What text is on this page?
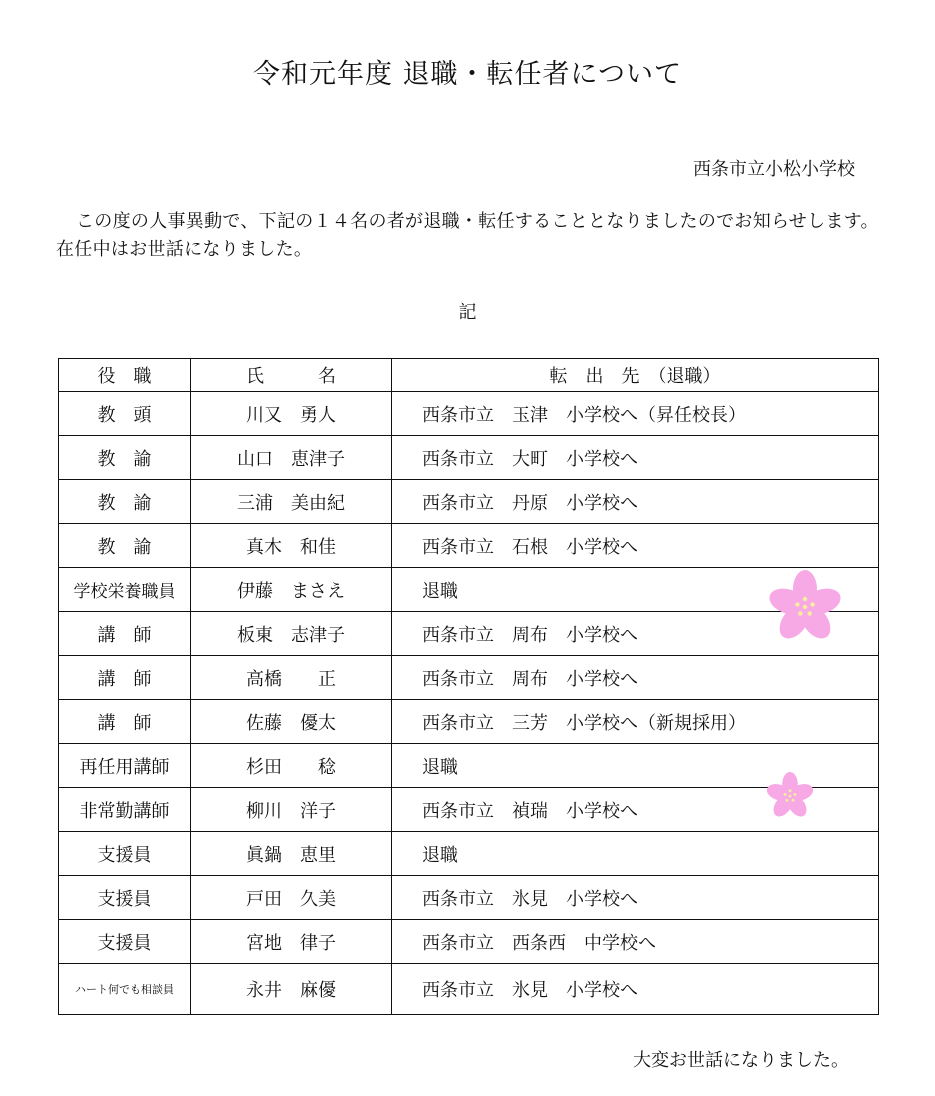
令和元年度 退職・転任者について
西条市立小松小学校
この度の人事異動で、下記の１４名の者が退職・転任することとなりましたのでお知らせします。在任中はお世話になりました。
記
役　職	氏　　　名	転　出　先　（退職）
教　頭	川又　勇人	西条市立　玉津　小学校へ（昇任校長）
教　諭	山口　恵津子	西条市立　大町　小学校へ
教　諭	三浦　美由紀	西条市立　丹原　小学校へ
教　諭	真木　和佳	西条市立　石根　小学校へ
学校栄養職員	伊藤　まさえ	退職
講　師	板東　志津子	西条市立　周布　小学校へ
講　師	高橋　　正	西条市立　周布　小学校へ
講　師	佐藤　優太	西条市立　三芳　小学校へ（新規採用）
再任用講師	杉田　　稔	退職
非常勤講師	柳川　洋子	西条市立　禎瑞　小学校へ
支援員	眞鍋　恵里	退職
支援員	戸田　久美	西条市立　氷見　小学校へ
支援員	宮地　律子	西条市立　西条西　中学校へ
ハート何でも相談員	永井　麻優	西条市立　氷見　小学校へ
大変お世話になりました。
